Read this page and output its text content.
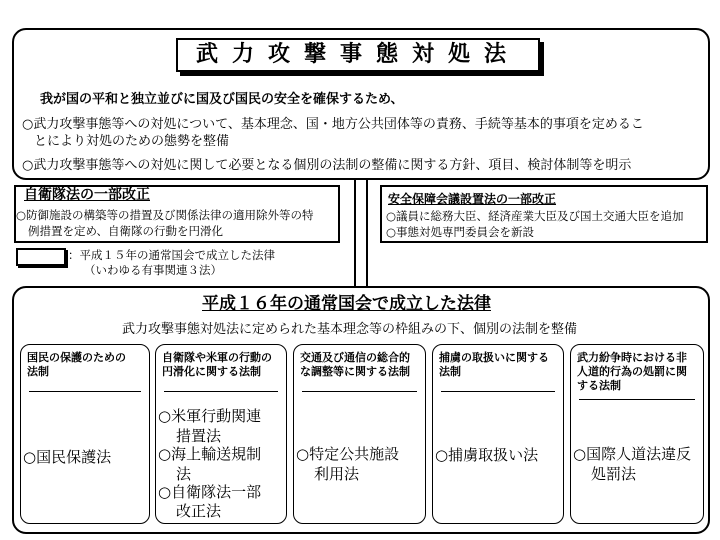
武力攻撃事態対処法
我が国の平和と独立並びに国及び国民の安全を確保するため、
○武力攻撃事態等への対処について、基本理念、国・地方公共団体等の責務、手続等基本的事項を定めるこ
とにより対処のための態勢を整備
○武力攻撃事態等への対処に関して必要となる個別の法制の整備に関する方針、項目、検討体制等を明示
自衛隊法の一部改正
○防御施設の構築等の措置及び関係法律の適用除外等の特
例措置を定め、自衛隊の行動を円滑化
安全保障会議設置法の一部改正
○議員に総務大臣、経済産業大臣及び国土交通大臣を追加
○事態対処専門委員会を新設
：平成１５年の通常国会で成立した法律
（いわゆる有事関連３法）
平成１６年の通常国会で成立した法律
武力攻撃事態対処法に定められた基本理念等の枠組みの下、個別の法制を整備
国民の保護のための
法制
○国民保護法
自衛隊や米軍の行動の
円滑化に関する法制
○米軍行動関連
措置法
○海上輸送規制
法
○自衛隊法一部
改正法
交通及び通信の総合的
な調整等に関する法制
○特定公共施設
利用法
捕虜の取扱いに関する
法制
○捕虜取扱い法
武力紛争時における非
人道的行為の処罰に関
する法制
○国際人道法違反
処罰法
